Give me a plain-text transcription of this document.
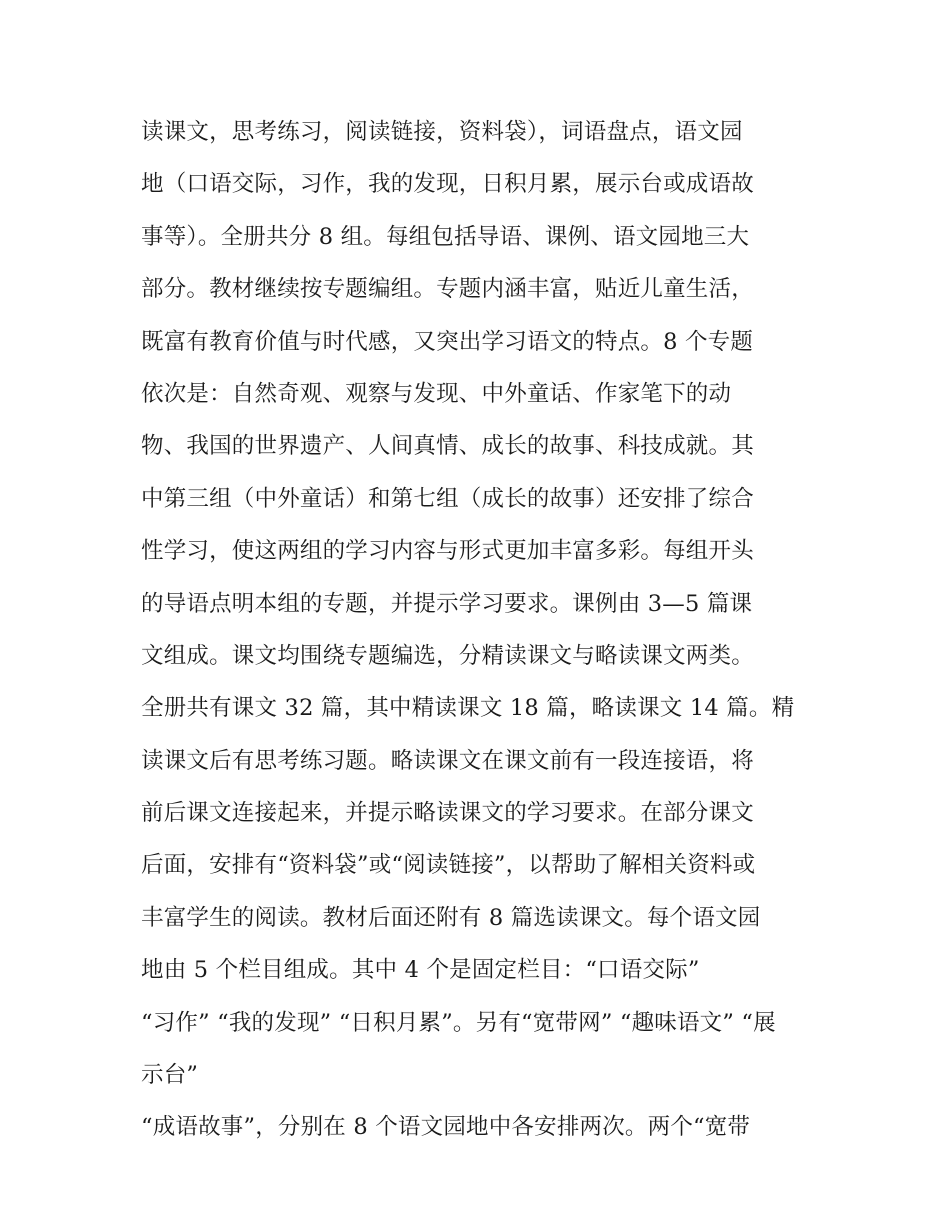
读课文，思考练习，阅读链接，资料袋），词语盘点，语文园
地（口语交际，习作，我的发现，日积月累，展示台或成语故
事等）。全册共分 8 组。每组包括导语、课例、语文园地三大
部分。教材继续按专题编组。专题内涵丰富，贴近儿童生活，
既富有教育价值与时代感，又突出学习语文的特点。8 个专题
依次是：自然奇观、观察与发现、中外童话、作家笔下的动
物、我国的世界遗产、人间真情、成长的故事、科技成就。其
中第三组（中外童话）和第七组（成长的故事）还安排了综合
性学习，使这两组的学习内容与形式更加丰富多彩。每组开头
的导语点明本组的专题，并提示学习要求。课例由 3—5 篇课
文组成。课文均围绕专题编选，分精读课文与略读课文两类。
全册共有课文 32 篇，其中精读课文 18 篇，略读课文 14 篇。精
读课文后有思考练习题。略读课文在课文前有一段连接语，将
前后课文连接起来，并提示略读课文的学习要求。在部分课文
后面，安排有“资料袋”或“阅读链接”，以帮助了解相关资料或
丰富学生的阅读。教材后面还附有 8 篇选读课文。每个语文园
地由 5 个栏目组成。其中 4 个是固定栏目：“口语交际”
“习作” “我的发现” “日积月累”。另有“宽带网” “趣味语文” “展
示台”
“成语故事”，分别在 8 个语文园地中各安排两次。两个“宽带
